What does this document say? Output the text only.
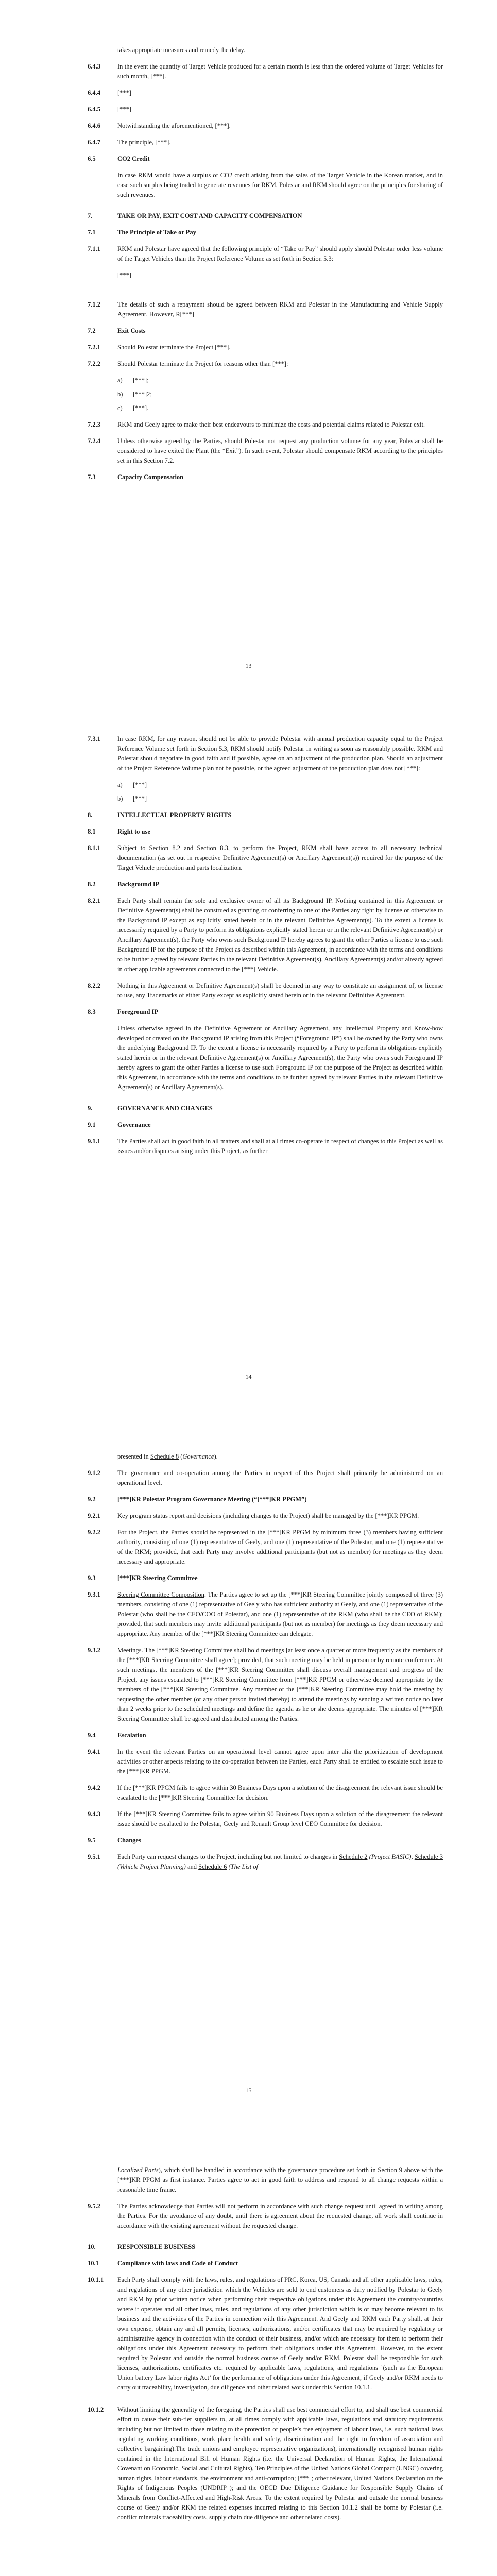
takes appropriate measures and remedy the delay.
6.4.3	In the event the quantity of Target Vehicle produced for a certain month is less than the ordered volume of Target Vehicles for such month, [***].
6.4.4	[***]
6.4.5	[***]
6.4.6	Notwithstanding the aforementioned, [***].
6.4.7	The principle, [***].
6.5	CO2 Credit
In case RKM would have a surplus of CO2 credit arising from the sales of the Target Vehicle in the Korean market, and in case such surplus being traded to generate revenues for RKM, Polestar and RKM should agree on the principles for sharing of such revenues.
7.	TAKE OR PAY, EXIT COST AND CAPACITY COMPENSATION
7.1	The Principle of Take or Pay
7.1.1	RKM and Polestar have agreed that the following principle of “Take or Pay” should apply should Polestar order less volume of the Target Vehicles than the Project Reference Volume as set forth in Section 5.3:
[***]
7.1.2	The details of such a repayment should be agreed between RKM and Polestar in the Manufacturing and Vehicle Supply Agreement. However, R[***]
7.2	Exit Costs
7.2.1	Should Polestar terminate the Project [***].
7.2.2	Should Polestar terminate the Project for reasons other than [***]:
a)	[***];
b)	[***]2;
c)	[***].
7.2.3	RKM and Geely agree to make their best endeavours to minimize the costs and potential claims related to Polestar exit.
7.2.4	Unless otherwise agreed by the Parties, should Polestar not request any production volume for any year, Polestar shall be considered to have exited the Plant (the “Exit”). In such event, Polestar should compensate RKM according to the principles set in this Section 7.2.
7.3	Capacity Compensation
13
7.3.1	In case RKM, for any reason, should not be able to provide Polestar with annual production capacity equal to the Project Reference Volume set forth in Section 5.3, RKM should notify Polestar in writing as soon as reasonably possible. RKM and Polestar should negotiate in good faith and if possible, agree on an adjustment of the production plan. Should an adjustment of the Project Reference Volume plan not be possible, or the agreed adjustment of the production plan does not [***]:
a)	[***]
b)	[***]
8.	INTELLECTUAL PROPERTY RIGHTS
8.1	Right to use
8.1.1	Subject to Section 8.2 and Section 8.3, to perform the Project, RKM shall have access to all necessary technical documentation (as set out in respective Definitive Agreement(s) or Ancillary Agreement(s)) required for the purpose of the Target Vehicle production and parts localization.
8.2	Background IP
8.2.1	Each Party shall remain the sole and exclusive owner of all its Background IP. Nothing contained in this Agreement or Definitive Agreement(s) shall be construed as granting or conferring to one of the Parties any right by license or otherwise to the Background IP except as explicitly stated herein or in the relevant Definitive Agreement(s). To the extent a license is necessarily required by a Party to perform its obligations explicitly stated herein or in the relevant Definitive Agreement(s) or Ancillary Agreement(s), the Party who owns such Background IP hereby agrees to grant the other Parties a license to use such Background IP for the purpose of the Project as described within this Agreement, in accordance with the terms and conditions to be further agreed by relevant Parties in the relevant Definitive Agreement(s), Ancillary Agreement(s) and/or already agreed in other applicable agreements connected to the [***] Vehicle.
8.2.2	Nothing in this Agreement or Definitive Agreement(s) shall be deemed in any way to constitute an assignment of, or license to use, any Trademarks of either Party except as explicitly stated herein or in the relevant Definitive Agreement.
8.3	Foreground IP
Unless otherwise agreed in the Definitive Agreement or Ancillary Agreement, any Intellectual Property and Know-how developed or created on the Background IP arising from this Project (“Foreground IP”) shall be owned by the Party who owns the underlying Background IP. To the extent a license is necessarily required by a Party to perform its obligations explicitly stated herein or in the relevant Definitive Agreement(s) or Ancillary Agreement(s), the Party who owns such Foreground IP hereby agrees to grant the other Parties a license to use such Foreground IP for the purpose of the Project as described within this Agreement, in accordance with the terms and conditions to be further agreed by relevant Parties in the relevant Definitive Agreement(s) or Ancillary Agreement(s).
9.	GOVERNANCE AND CHANGES
9.1	Governance
9.1.1	The Parties shall act in good faith in all matters and shall at all times co-operate in respect of changes to this Project as well as issues and/or disputes arising under this Project, as further
14
presented in Schedule 8 (Governance).
9.1.2	The governance and co-operation among the Parties in respect of this Project shall primarily be administered on an operational level.
9.2	[***]KR Polestar Program Governance Meeting (“[***]KR PPGM”)
9.2.1	Key program status report and decisions (including changes to the Project) shall be managed by the [***]KR PPGM.
9.2.2	For the Project, the Parties should be represented in the [***]KR PPGM by minimum three (3) members having sufficient authority, consisting of one (1) representative of Geely, and one (1) representative of the Polestar, and one (1) representative of the RKM; provided, that each Party may involve additional participants (but not as member) for meetings as they deem necessary and appropriate.
9.3	[***]KR Steering Committee
9.3.1	Steering Committee Composition. The Parties agree to set up the [***]KR Steering Committee jointly composed of three (3) members, consisting of one (1) representative of Geely who has sufficient authority at Geely, and one (1) representative of the Polestar (who shall be the CEO/COO of Polestar), and one (1) representative of the RKM (who shall be the CEO of RKM); provided, that such members may invite additional participants (but not as member) for meetings as they deem necessary and appropriate. Any member of the [***]KR Steering Committee can delegate.
9.3.2	Meetings. The [***]KR Steering Committee shall hold meetings [at least once a quarter or more frequently as the members of the [***]KR Steering Committee shall agree]; provided, that such meeting may be held in person or by remote conference. At such meetings, the members of the [***]KR Steering Committee shall discuss overall management and progress of the Project, any issues escalated to [***]KR Steering Committee from [***]KR PPGM or otherwise deemed appropriate by the members of the [***]KR Steering Committee. Any member of the [***]KR Steering Committee may hold the meeting by requesting the other member (or any other person invited thereby) to attend the meetings by sending a written notice no later than 2 weeks prior to the scheduled meetings and define the agenda as he or she deems appropriate. The minutes of [***]KR Steering Committee shall be agreed and distributed among the Parties.
9.4	Escalation
9.4.1	In the event the relevant Parties on an operational level cannot agree upon inter alia the prioritization of development activities or other aspects relating to the co-operation between the Parties, each Party shall be entitled to escalate such issue to the [***]KR PPGM.
9.4.2	If the [***]KR PPGM fails to agree within 30 Business Days upon a solution of the disagreement the relevant issue should be escalated to the [***]KR Steering Committee for decision.
9.4.3	If the [***]KR Steering Committee fails to agree within 90 Business Days upon a solution of the disagreement the relevant issue should be escalated to the Polestar, Geely and Renault Group level CEO Committee for decision.
9.5	Changes
9.5.1	Each Party can request changes to the Project, including but not limited to changes in Schedule 2 (Project BASIC), Schedule 3 (Vehicle Project Planning) and Schedule 6 (The List of
15
Localized Parts), which shall be handled in accordance with the governance procedure set forth in Section 9 above with the [***]KR PPGM as first instance. Parties agree to act in good faith to address and respond to all change requests within a reasonable time frame.
9.5.2	The Parties acknowledge that Parties will not perform in accordance with such change request until agreed in writing among the Parties. For the avoidance of any doubt, until there is agreement about the requested change, all work shall continue in accordance with the existing agreement without the requested change.
10.	RESPONSIBLE BUSINESS
10.1	Compliance with laws and Code of Conduct
10.1.1	Each Party shall comply with the laws, rules, and regulations of PRC, Korea, US, Canada and all other applicable laws, rules, and regulations of any other jurisdiction which the Vehicles are sold to end customers as duly notified by Polestar to Geely and RKM by prior written notice when performing their respective obligations under this Agreement the country/countries where it operates and all other laws, rules, and regulations of any other jurisdiction which is or may become relevant to its business and the activities of the Parties in connection with this Agreement. And Geely and RKM each Party shall, at their own expense, obtain any and all permits, licenses, authorizations, and/or certificates that may be required by regulatory or administrative agency in connection with the conduct of their business, and/or which are necessary for them to perform their obligations under this Agreement necessary to perform their obligations under this Agreement. However, to the extent required by Polestar and outside the normal business course of Geely and/or RKM, Polestar shall be responsible for such licenses, authorizations, certificates etc. required by applicable laws, regulations, and regulations ’(such as the European Union battery Law labor rights Act’ for the performance of obligations under this Agreement, if Geely and/or RKM needs to carry out traceability, investigation, due diligence and other related work under this Section 10.1.1.
10.1.2	Without limiting the generality of the foregoing, the Parties shall use best commercial effort to, and shall use best commercial effort to cause their sub-tier suppliers to, at all times comply with applicable laws, regulations and statutory requirements including but not limited to those relating to the protection of people’s free enjoyment of labour laws, i.e. such national laws regulating working conditions, work place health and safety, discrimination and the right to freedom of association and collective bargaining).The trade unions and employee representative organizations), internationally recognised human rights contained in the International Bill of Human Rights (i.e. the Universal Declaration of Human Rights, the International Covenant on Economic, Social and Cultural Rights), Ten Principles of the United Nations Global Compact (UNGC) covering human rights, labour standards, the environment and anti-corruption; [***]; other relevant, United Nations Declaration on the Rights of Indigenous Peoples (UNDRIP ); and the OECD Due Diligence Guidance for Responsible Supply Chains of Minerals from Conflict-Affected and High-Risk Areas. To the extent required by Polestar and outside the normal business course of Geely and/or RKM the related expenses incurred relating to this Section 10.1.2 shall be borne by Polestar (i.e. conflict minerals traceability costs, supply chain due diligence and other related costs).
